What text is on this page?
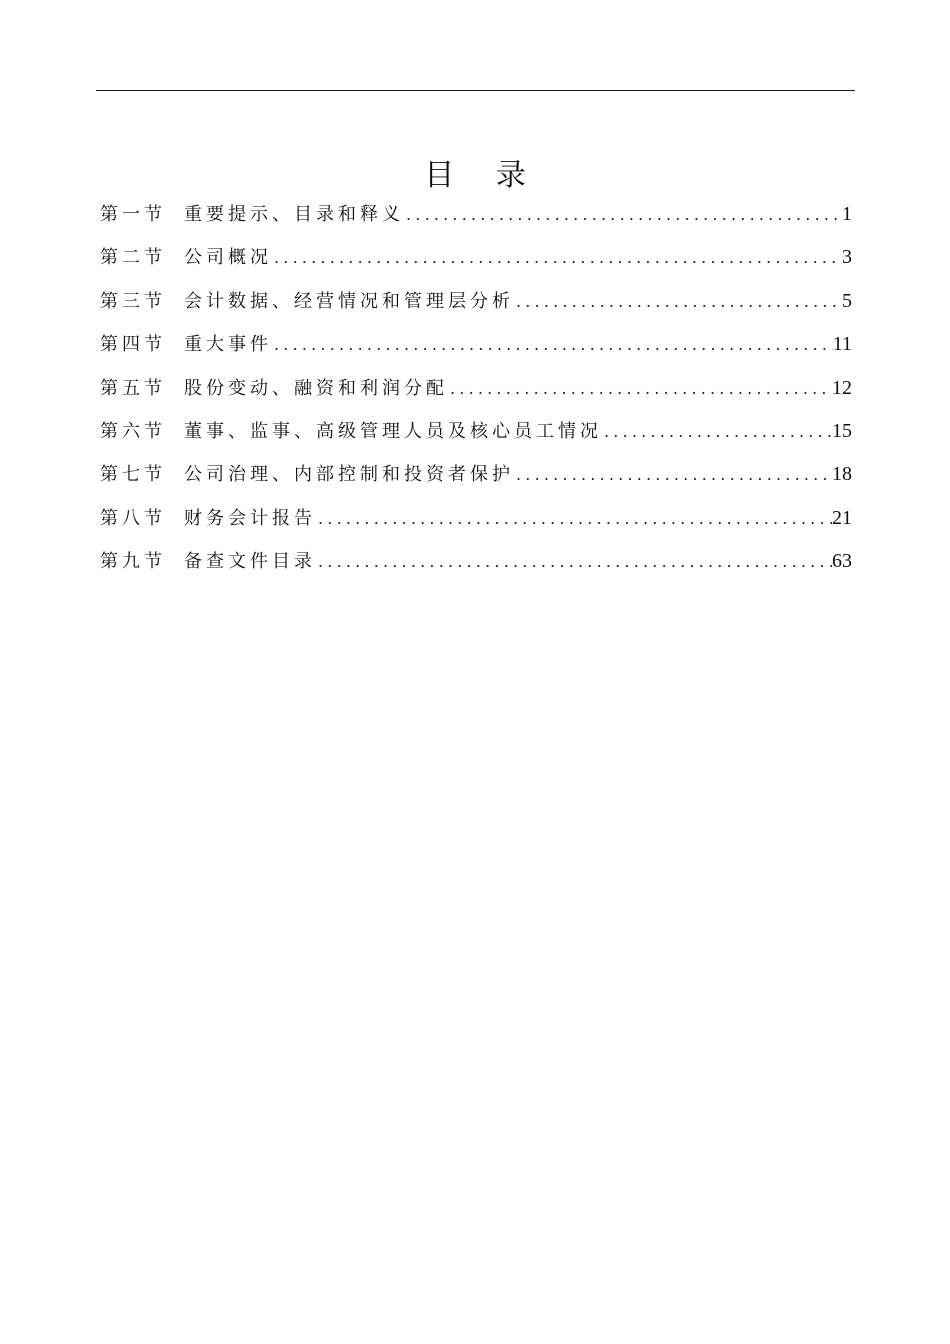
目 录
第一节	重要提示、目录和释义 .....	1
第二节	公司概况 .....	3
第三节	会计数据、经营情况和管理层分析 .....	5
第四节	重大事件 .....	11
第五节	股份变动、融资和利润分配 .....	12
第六节	董事、监事、高级管理人员及核心员工情况 .....	15
第七节	公司治理、内部控制和投资者保护 .....	18
第八节	财务会计报告 .....	21
第九节	备查文件目录 .....	63
